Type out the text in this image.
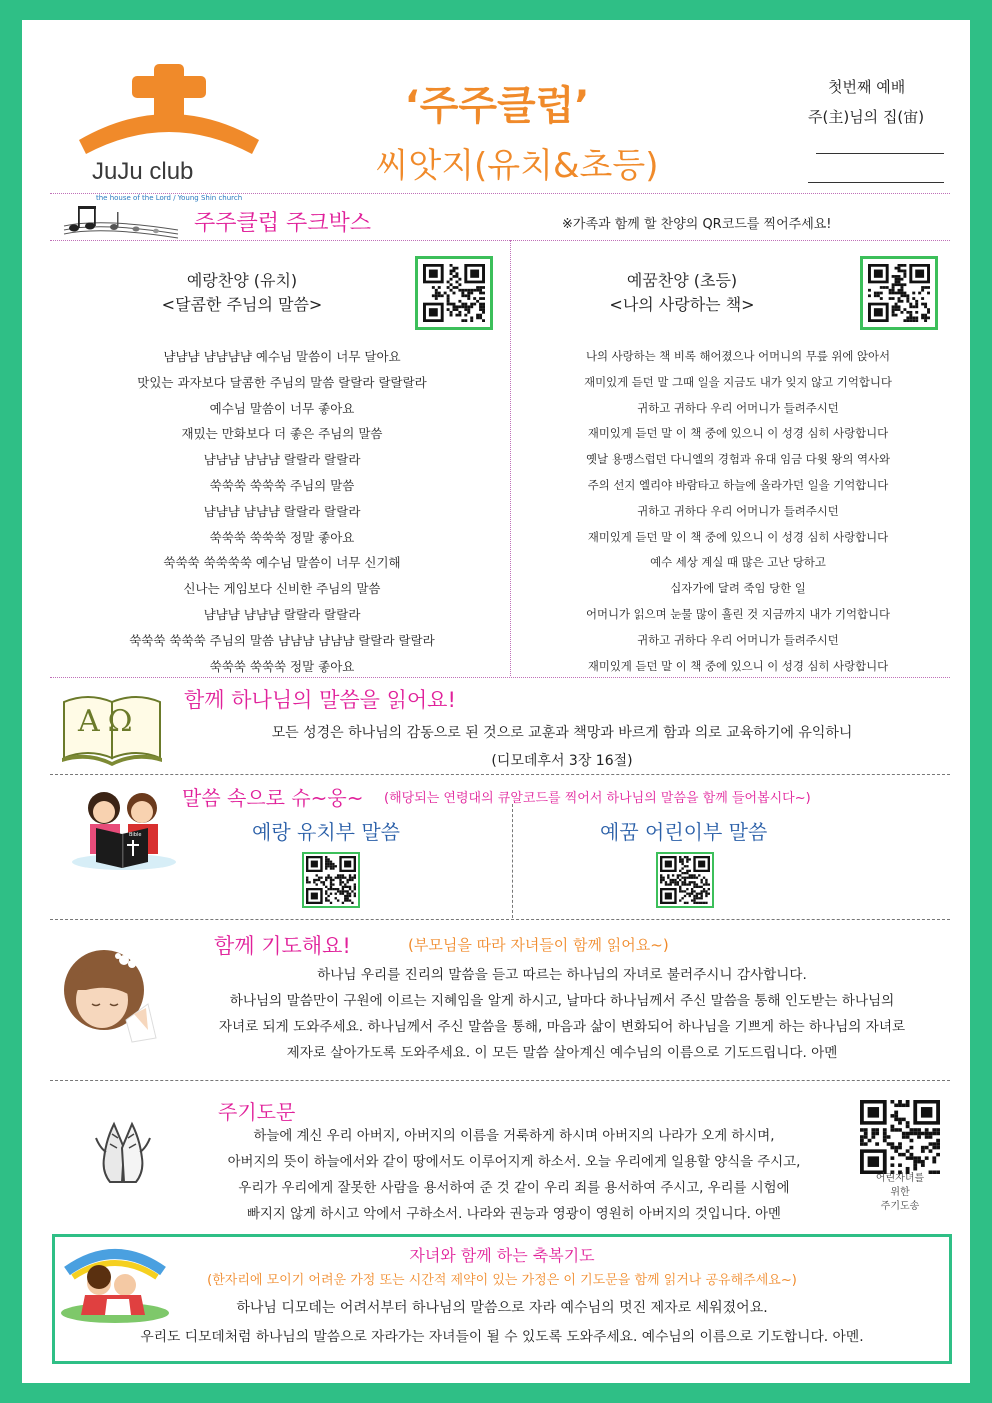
JuJu club
the house of the Lord / Young Shin church
‘주주클럽’
씨앗지(유치&초등)
첫번째 예배
주(主)님의 집(宙)
주주클럽 주크박스	※가족과 함께 할 찬양의 QR코드를 찍어주세요!
예랑찬양 (유치)
<달콤한 주님의 말씀>
냠냠냠 냠냠냠냠 예수님 말씀이 너무 달아요
맛있는 과자보다 달콤한 주님의 말씀 랄랄라 랄랄랄라
예수님 말씀이 너무 좋아요
재밌는 만화보다 더 좋은 주님의 말씀
냠냠냠 냠냠냠 랄랄라 랄랄라
쑥쑥쑥 쑥쑥쑥 주님의 말씀
냠냠냠 냠냠냠 랄랄라 랄랄라
쑥쑥쑥 쑥쑥쑥 정말 좋아요
쑥쑥쑥 쑥쑥쑥쑥 예수님 말씀이 너무 신기해
신나는 게임보다 신비한 주님의 말씀
냠냠냠 냠냠냠 랄랄라 랄랄라
쑥쑥쑥 쑥쑥쑥 주님의 말씀 냠냠냠 냠냠냠 랄랄라 랄랄라
쑥쑥쑥 쑥쑥쑥 정말 좋아요
예꿈찬양 (초등)
<나의 사랑하는 책>
나의 사랑하는 책 비록 해어졌으나 어머니의 무릎 위에 앉아서
재미있게 듣던 말 그때 일을 지금도 내가 잊지 않고 기억합니다
귀하고 귀하다 우리 어머니가 들려주시던
재미있게 듣던 말 이 책 중에 있으니 이 성경 심히 사랑합니다
옛날 용맹스럽던 다니엘의 경험과 유대 임금 다윗 왕의 역사와
주의 선지 엘리야 바람타고 하늘에 올라가던 일을 기억합니다
귀하고 귀하다 우리 어머니가 들려주시던
재미있게 듣던 말 이 책 중에 있으니 이 성경 심히 사랑합니다
예수 세상 계실 때 많은 고난 당하고
십자가에 달려 죽임 당한 일
어머니가 읽으며 눈물 많이 흘린 것 지금까지 내가 기억합니다
귀하고 귀하다 우리 어머니가 들려주시던
재미있게 듣던 말 이 책 중에 있으니 이 성경 심히 사랑합니다
AΩ
함께 하나님의 말씀을 읽어요!
모든 성경은 하나님의 감동으로 된 것으로 교훈과 책망과 바르게 함과 의로 교육하기에 유익하니
(디모데후서 3장 16절)
Bible
말씀 속으로 슈~웅~ (해당되는 연령대의 큐알코드를 찍어서 하나님의 말씀을 함께 들어봅시다~)
예랑 유치부 말씀	예꿈 어린이부 말씀
함께 기도해요!	(부모님을 따라 자녀들이 함께 읽어요~)
하나님 우리를 진리의 말씀을 듣고 따르는 하나님의 자녀로 불러주시니 감사합니다.
하나님의 말씀만이 구원에 이르는 지혜임을 알게 하시고, 날마다 하나님께서 주신 말씀을 통해 인도받는 하나님의
자녀로 되게 도와주세요. 하나님께서 주신 말씀을 통해, 마음과 삶이 변화되어 하나님을 기쁘게 하는 하나님의 자녀로
제자로 살아가도록 도와주세요. 이 모든 말씀 살아계신 예수님의 이름으로 기도드립니다. 아멘
주기도문
하늘에 계신 우리 아버지, 아버지의 이름을 거룩하게 하시며 아버지의 나라가 오게 하시며,
아버지의 뜻이 하늘에서와 같이 땅에서도 이루어지게 하소서. 오늘 우리에게 일용할 양식을 주시고,
우리가 우리에게 잘못한 사람을 용서하여 준 것 같이 우리 죄를 용서하여 주시고, 우리를 시험에
빠지지 않게 하시고 악에서 구하소서. 나라와 권능과 영광이 영원히 아버지의 것입니다. 아멘
어린자녀를
위한
주기도송
자녀와 함께 하는 축복기도
(한자리에 모이기 어려운 가정 또는 시간적 제약이 있는 가정은 이 기도문을 함께 읽거나 공유해주세요~)
하나님 디모데는 어려서부터 하나님의 말씀으로 자라 예수님의 멋진 제자로 세워졌어요.
우리도 디모데처럼 하나님의 말씀으로 자라가는 자녀들이 될 수 있도록 도와주세요. 예수님의 이름으로 기도합니다. 아멘.
